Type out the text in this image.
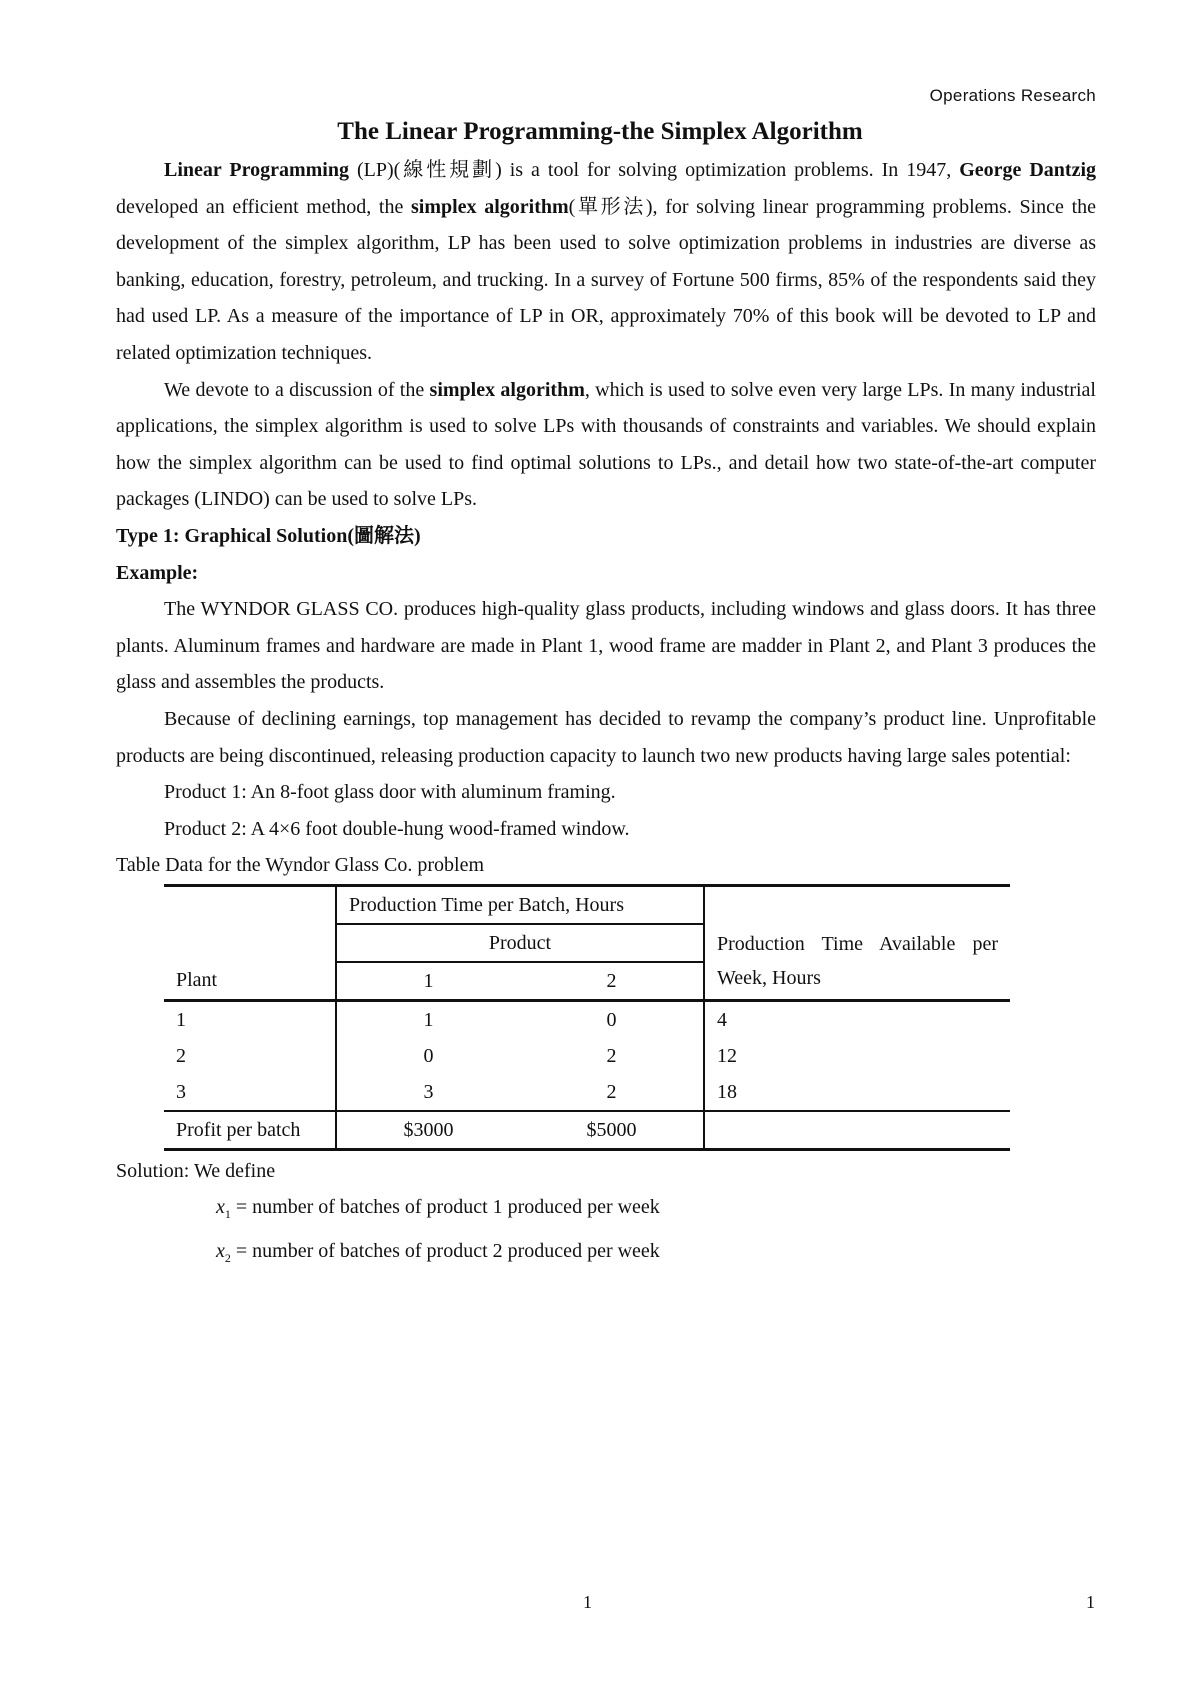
Operations Research
The Linear Programming-the Simplex Algorithm

Linear Programming (LP)(線性規劃) is a tool for solving optimization problems. In 1947, George Dantzig developed an efficient method, the simplex algorithm(單形法), for solving linear programming problems. Since the development of the simplex algorithm, LP has been used to solve optimization problems in industries are diverse as banking, education, forestry, petroleum, and trucking. In a survey of Fortune 500 firms, 85% of the respondents said they had used LP. As a measure of the importance of LP in OR, approximately 70% of this book will be devoted to LP and related optimization techniques.

We devote to a discussion of the simplex algorithm, which is used to solve even very large LPs. In many industrial applications, the simplex algorithm is used to solve LPs with thousands of constraints and variables. We should explain how the simplex algorithm can be used to find optimal solutions to LPs., and detail how two state-of-the-art computer packages (LINDO) can be used to solve LPs.

Type 1: Graphical Solution(圖解法)

Example:

The WYNDOR GLASS CO. produces high-quality glass products, including windows and glass doors. It has three plants. Aluminum frames and hardware are made in Plant 1, wood frame are madder in Plant 2, and Plant 3 produces the glass and assembles the products.

Because of declining earnings, top management has decided to revamp the company’s product line. Unprofitable products are being discontinued, releasing production capacity to launch two new products having large sales potential:

Product 1: An 8-foot glass door with aluminum framing.

Product 2: A 4×6 foot double-hung wood-framed window.

Table Data for the Wyndor Glass Co. problem

	Production Time per Batch, Hours		Production Time Available per Week, Hours

	Product		
Plant	1	2	
1	1	0	4
2	0	2	12
3	3	2	18
Profit per batch	$3000	$5000	

Solution: We define

$x_1$ = number of batches of product 1 produced per week

$x_2$ = number of batches of product 2 produced per week

1	1
